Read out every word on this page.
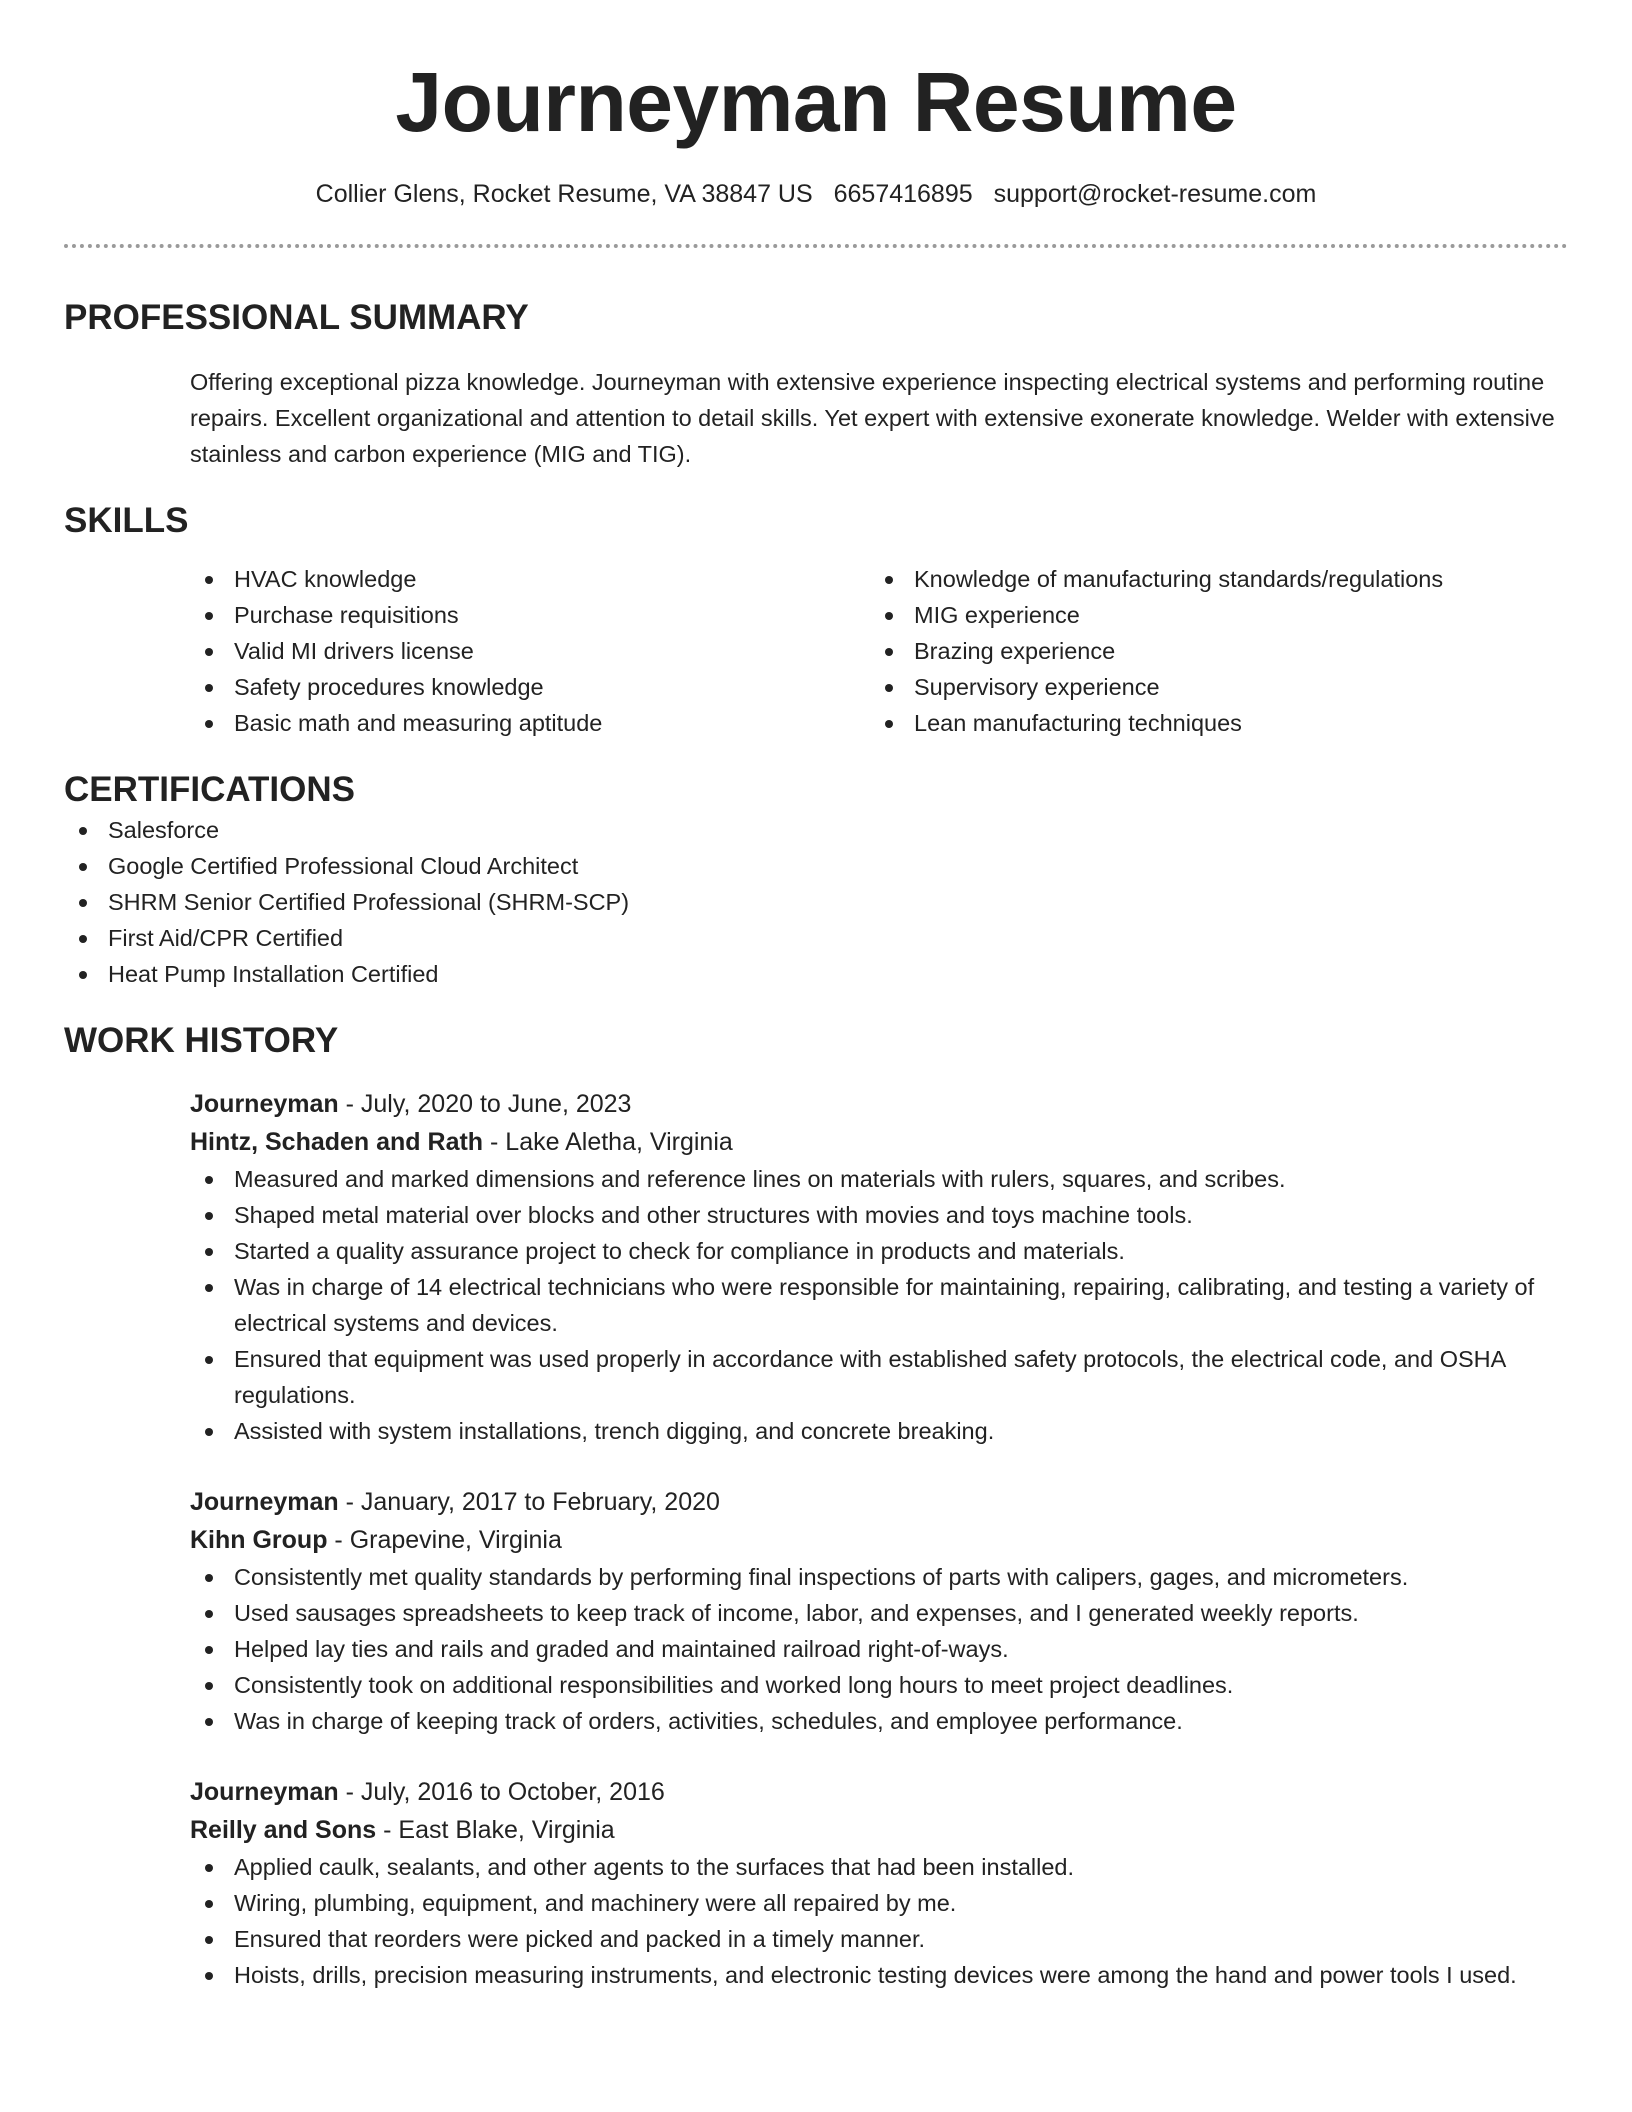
Journeyman Resume
Collier Glens, Rocket Resume, VA 38847 US 6657416895 support@rocket-resume.com
PROFESSIONAL SUMMARY

Offering exceptional pizza knowledge. Journeyman with extensive experience inspecting electrical systems and performing routine repairs. Excellent organizational and attention to detail skills. Yet expert with extensive exonerate knowledge. Welder with extensive stainless and carbon experience (MIG and TIG).

SKILLS
HVAC knowledge
Purchase requisitions
Valid MI drivers license
Safety procedures knowledge
Basic math and measuring aptitude
Knowledge of manufacturing standards/regulations
MIG experience
Brazing experience
Supervisory experience
Lean manufacturing techniques
CERTIFICATIONS
Salesforce
Google Certified Professional Cloud Architect
SHRM Senior Certified Professional (SHRM-SCP)
First Aid/CPR Certified
Heat Pump Installation Certified
WORK HISTORY
Journeyman - July, 2020 to June, 2023
Hintz, Schaden and Rath - Lake Aletha, Virginia
Measured and marked dimensions and reference lines on materials with rulers, squares, and scribes.
Shaped metal material over blocks and other structures with movies and toys machine tools.
Started a quality assurance project to check for compliance in products and materials.
Was in charge of 14 electrical technicians who were responsible for maintaining, repairing, calibrating, and testing a variety of electrical systems and devices.
Ensured that equipment was used properly in accordance with established safety protocols, the electrical code, and OSHA regulations.
Assisted with system installations, trench digging, and concrete breaking.
Journeyman - January, 2017 to February, 2020
Kihn Group - Grapevine, Virginia
Consistently met quality standards by performing final inspections of parts with calipers, gages, and micrometers.
Used sausages spreadsheets to keep track of income, labor, and expenses, and I generated weekly reports.
Helped lay ties and rails and graded and maintained railroad right-of-ways.
Consistently took on additional responsibilities and worked long hours to meet project deadlines.
Was in charge of keeping track of orders, activities, schedules, and employee performance.
Journeyman - July, 2016 to October, 2016
Reilly and Sons - East Blake, Virginia
Applied caulk, sealants, and other agents to the surfaces that had been installed.
Wiring, plumbing, equipment, and machinery were all repaired by me.
Ensured that reorders were picked and packed in a timely manner.
Hoists, drills, precision measuring instruments, and electronic testing devices were among the hand and power tools I used.
